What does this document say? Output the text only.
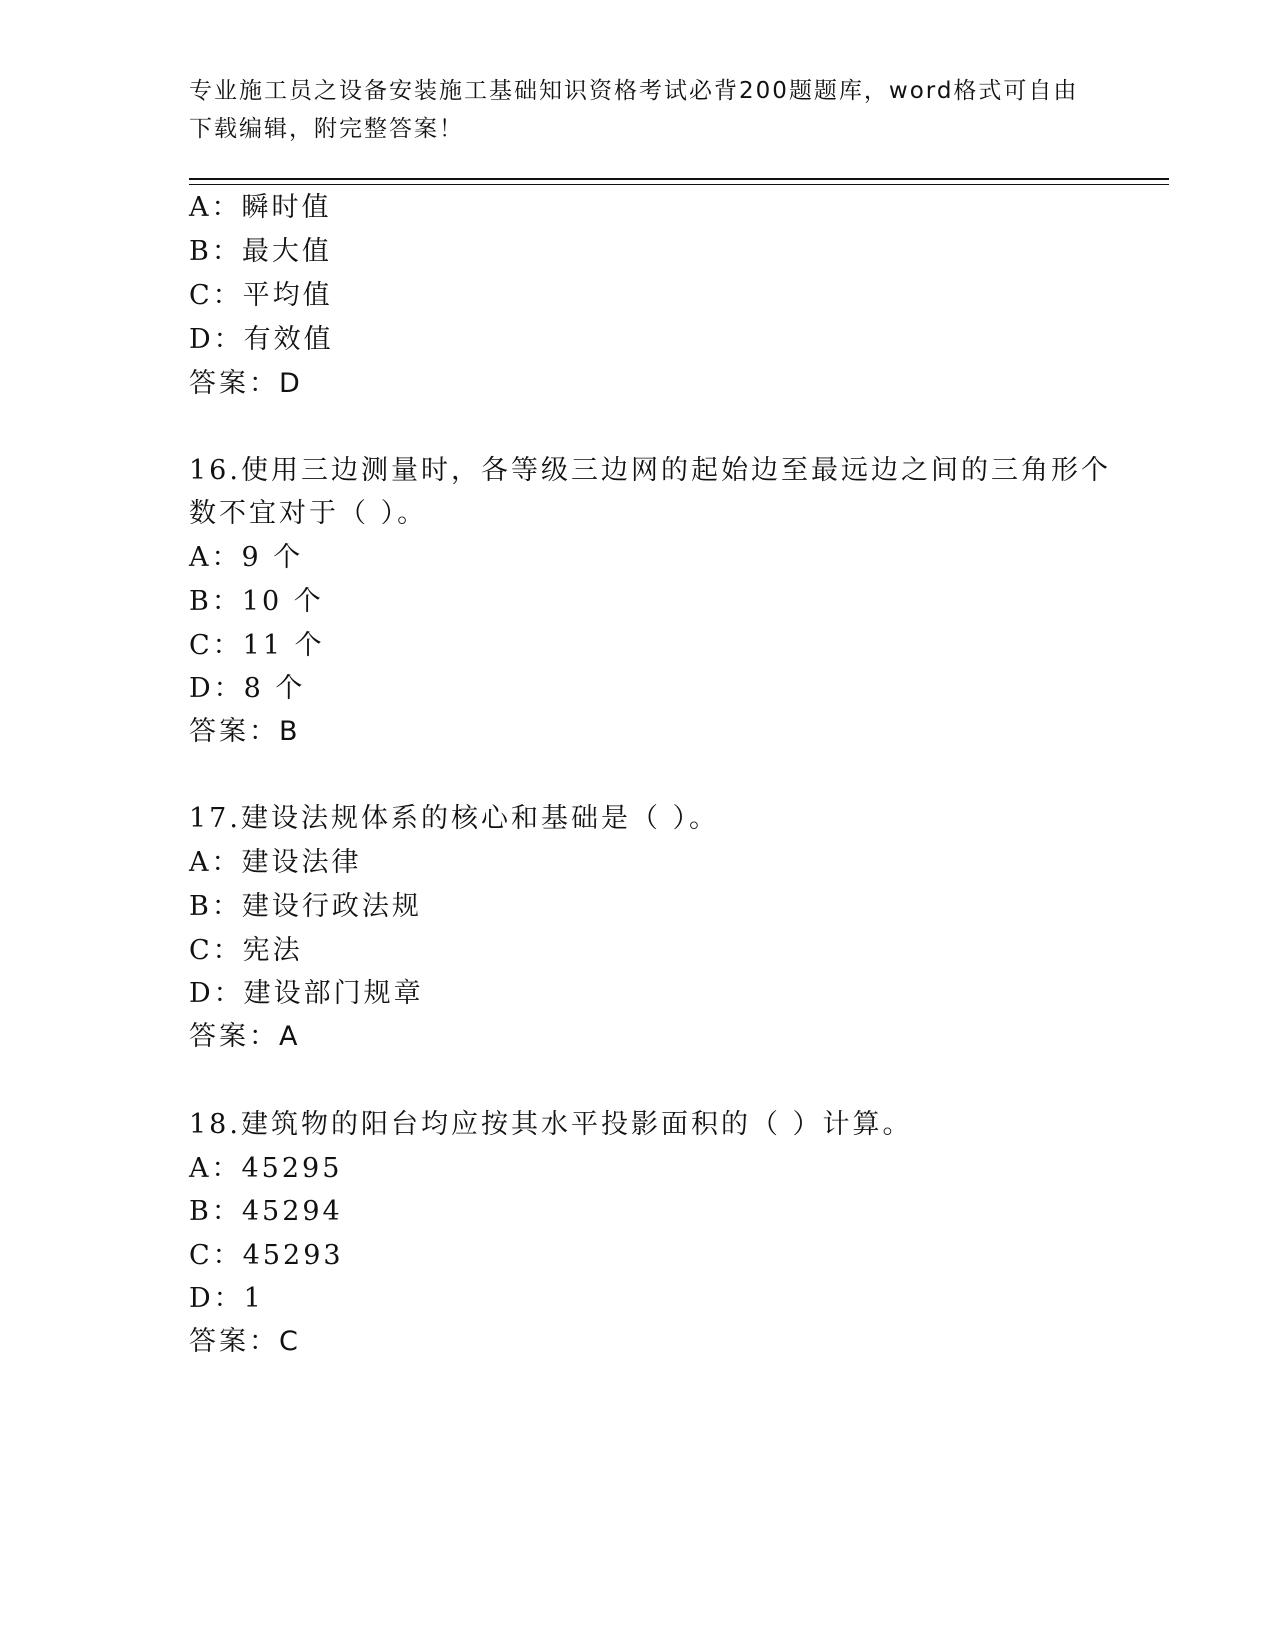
专业施工员之设备安装施工基础知识资格考试必背200题题库，word格式可自由
下载编辑，附完整答案！
A：瞬时值
B：最大值
C：平均值
D：有效值
答案：D
16.使用三边测量时，各等级三边网的起始边至最远边之间的三角形个
数不宜对于（ ）。
A：9 个
B：10 个
C：11 个
D：8 个
答案：B
17.建设法规体系的核心和基础是（ ）。
A：建设法律
B：建设行政法规
C：宪法
D：建设部门规章
答案：A
18.建筑物的阳台均应按其水平投影面积的（ ）计算。
A：45295
B：45294
C：45293
D：1
答案：C
